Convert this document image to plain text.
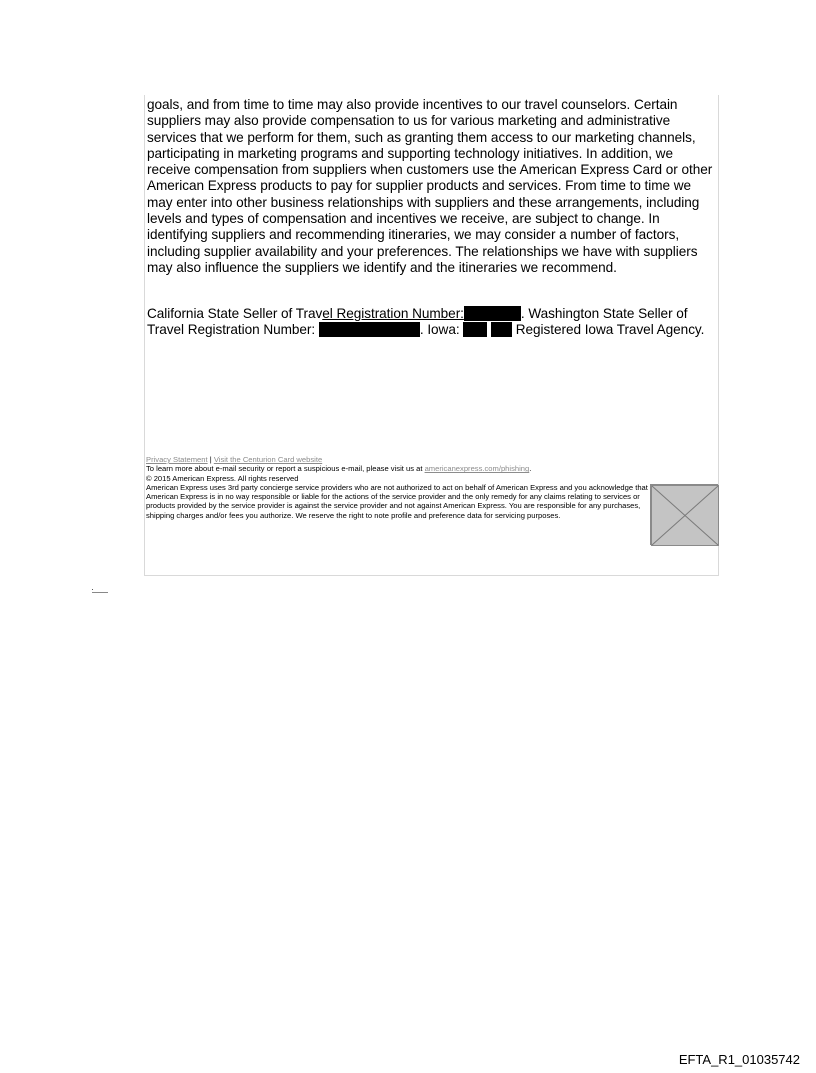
goals, and from time to time may also provide incentives to our travel counselors. Certain suppliers may also provide compensation to us for various marketing and administrative services that we perform for them, such as granting them access to our marketing channels, participating in marketing programs and supporting technology initiatives. In addition, we receive compensation from suppliers when customers use the American Express Card or other American Express products to pay for supplier products and services. From time to time we may enter into other business relationships with suppliers and these arrangements, including levels and types of compensation and incentives we receive, are subject to change. In identifying suppliers and recommending itineraries, we may consider a number of factors, including supplier availability and your preferences. The relationships we have with suppliers may also influence the suppliers we identify and the itineraries we recommend.

California State Seller of Travel Registration Number:	. Washington State Seller of Travel Registration Number:	. Iowa:	Registered Iowa Travel Agency.

Privacy Statement | Visit the Centurion Card website

To learn more about e-mail security or report a suspicious e-mail, please visit us at americanexpress.com/phishing.

© 2015 American Express. All rights reserved

American Express uses 3rd party concierge service providers who are not authorized to act on behalf of American Express and you acknowledge that American Express is in no way responsible or liable for the actions of the service provider and the only remedy for any claims relating to services or products provided by the service provider is against the service provider and not against American Express. You are responsible for any purchases, shipping charges and/or fees you authorize. We reserve the right to note profile and preference data for servicing purposes.

EFTA_R1_01035742
